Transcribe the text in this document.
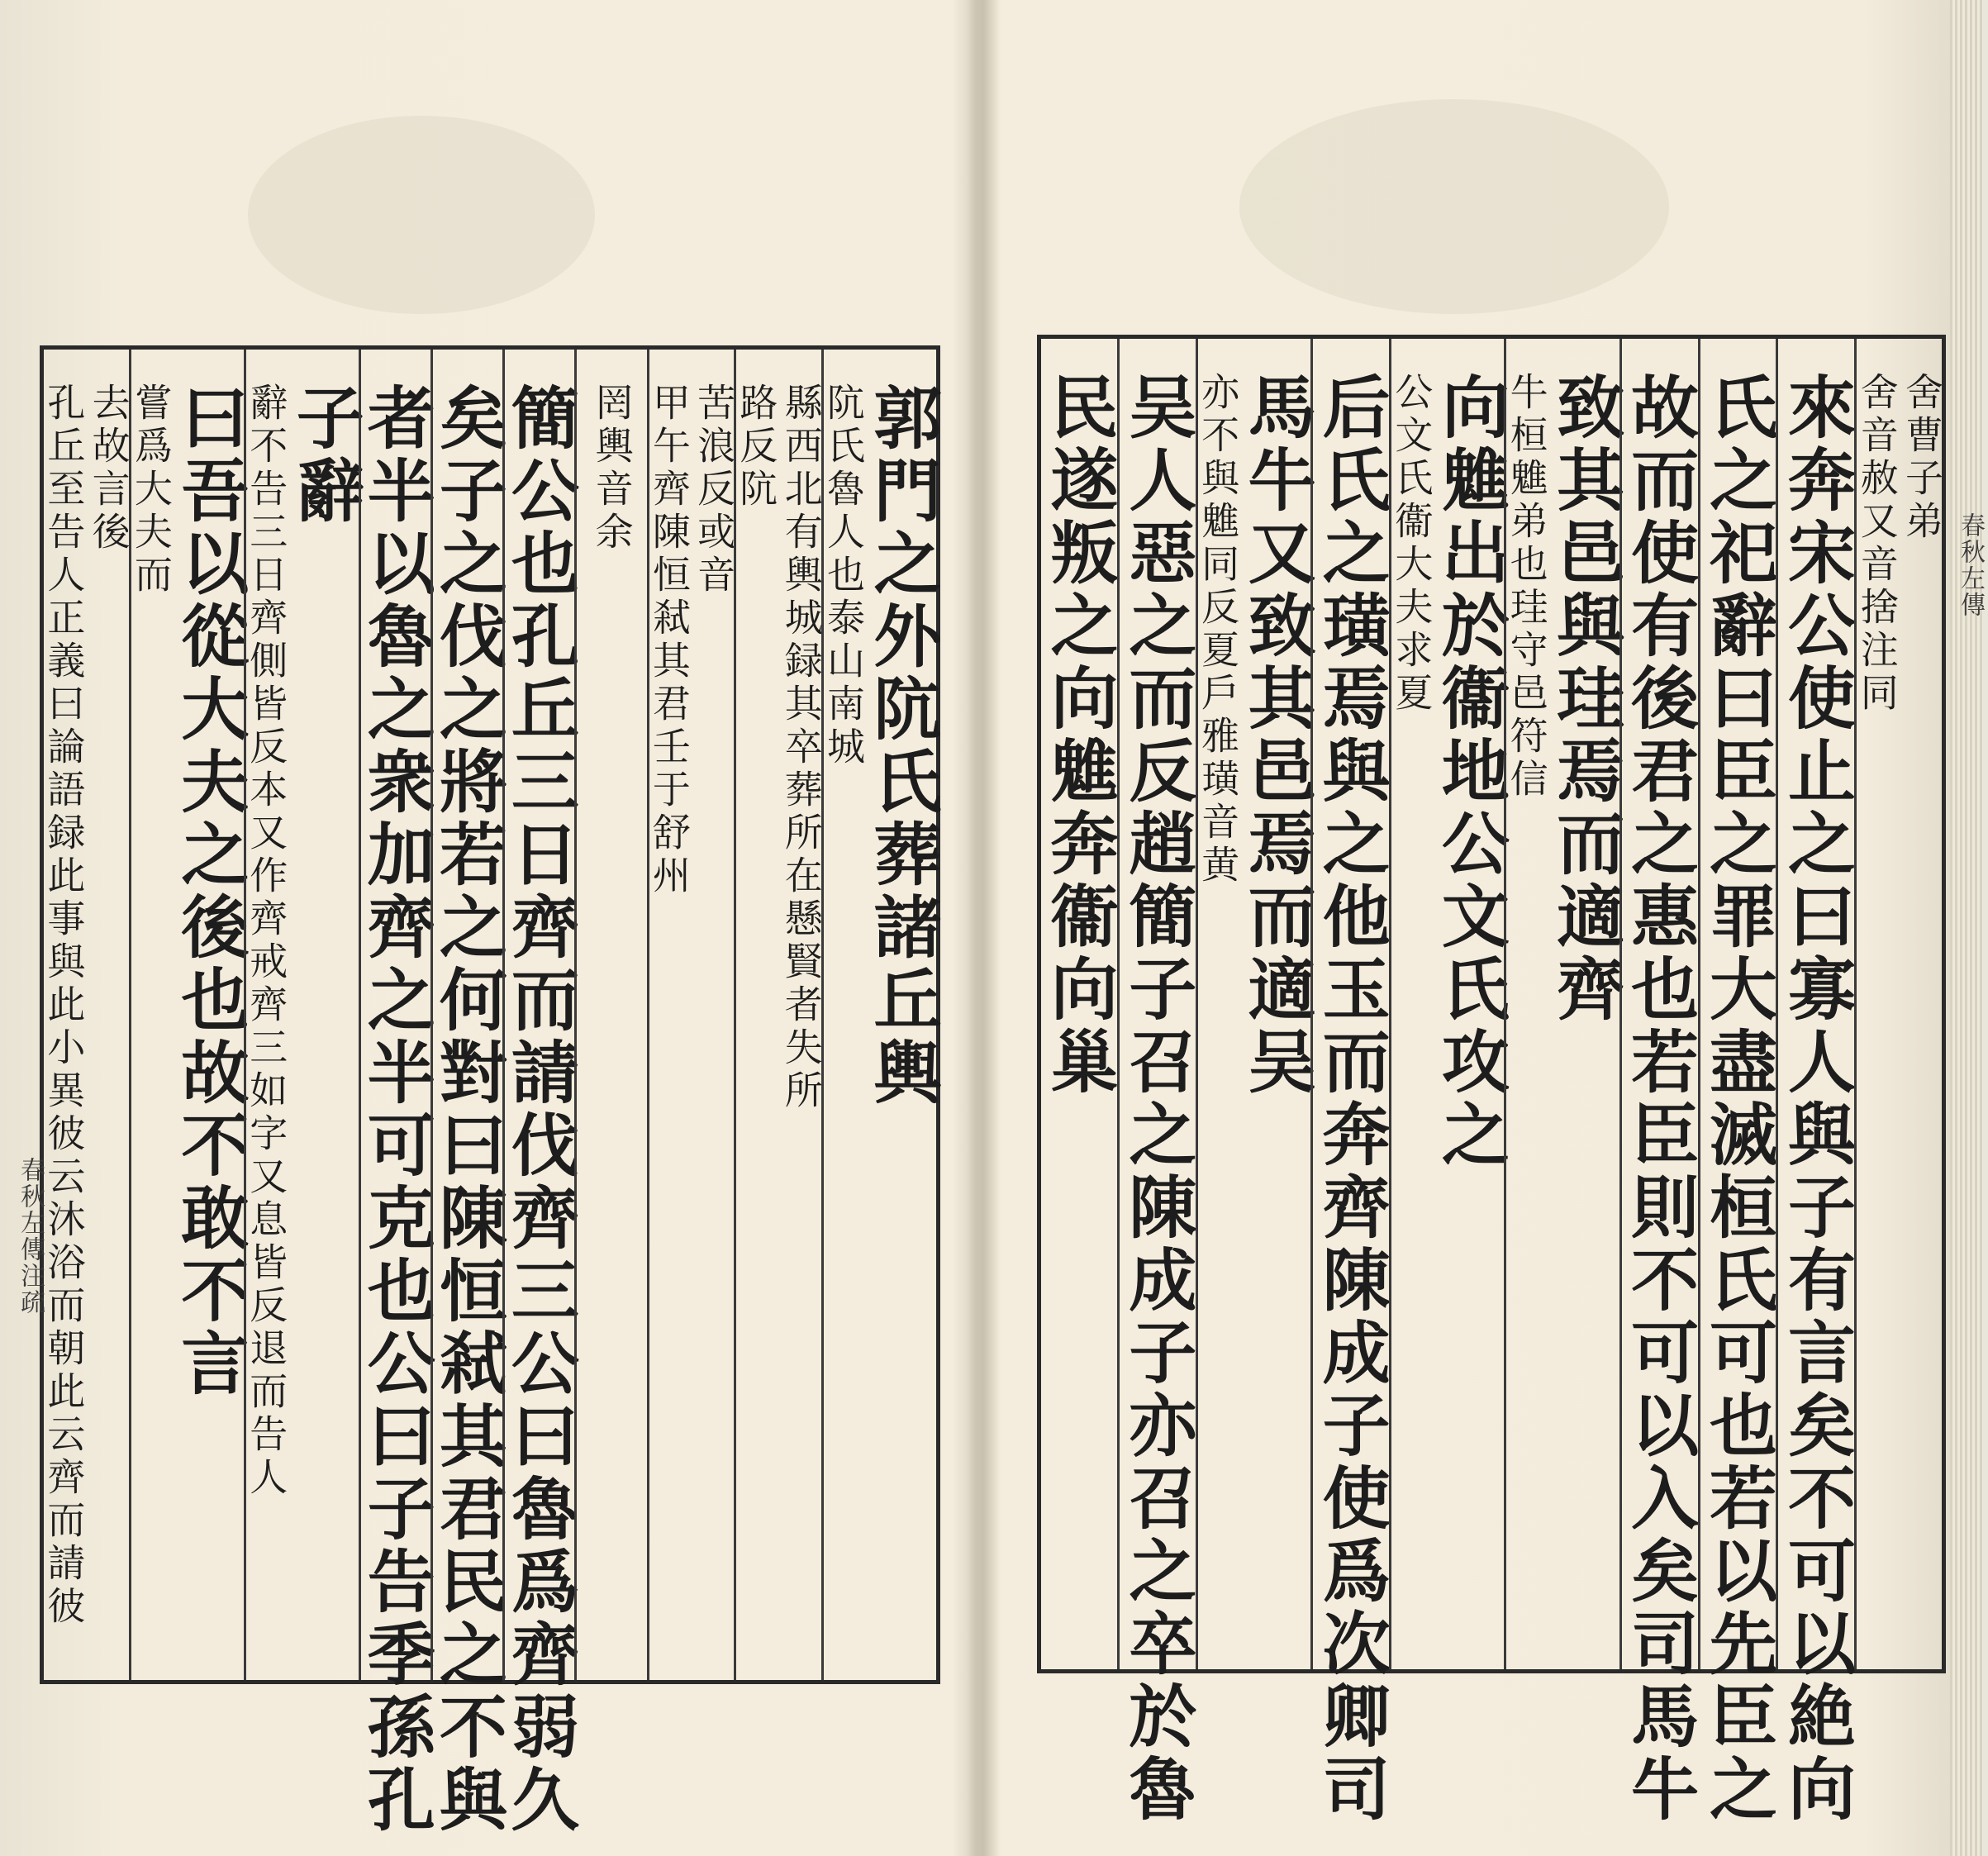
郭門之外阬氏葬諸丘輿
阬氏魯人也泰山南城
縣西北有輿城録其卒葬所在懸賢者失所
路反阬
苦浪反或音
甲午齊陳恒弒其君壬于舒州
罔輿音余
簡公也孔丘三日齊而請伐齊三公曰魯爲齊弱久
矣子之伐之將若之何對曰陳恒弒其君民之不與
者半以魯之衆加齊之半可克也公曰子告季孫孔
子辭
辭不告三日齊側皆反本又作齊戒齊三如字又息皆反退而告人
曰吾以從大夫之後也故不敢不言
嘗爲大夫而
去故言後
孔丘至告人正義曰論語録此事與此小異彼云沐浴而朝此云齊而請彼
春秋左傳注疏
舍曹子弟
舍音赦又音捨注同
來奔宋公使止之曰寡人與子有言矣不可以絶向
氏之祀辭曰臣之罪大盡滅桓氏可也若以先臣之
故而使有後君之惠也若臣則不可以入矣司馬牛
致其邑與珪焉而適齊
牛桓魋弟也珪守邑符信
向魋出於衞地公文氏攻之
公文氏衞大夫求夏
后氏之璜焉與之他玉而奔齊陳成子使爲次卿司
馬牛又致其邑焉而適吴
亦不與魋同反夏戶雅璜音黄
吴人惡之而反趙簡子召之陳成子亦召之卒於魯
民遂叛之向魋奔衞向巢	春秋左傳
